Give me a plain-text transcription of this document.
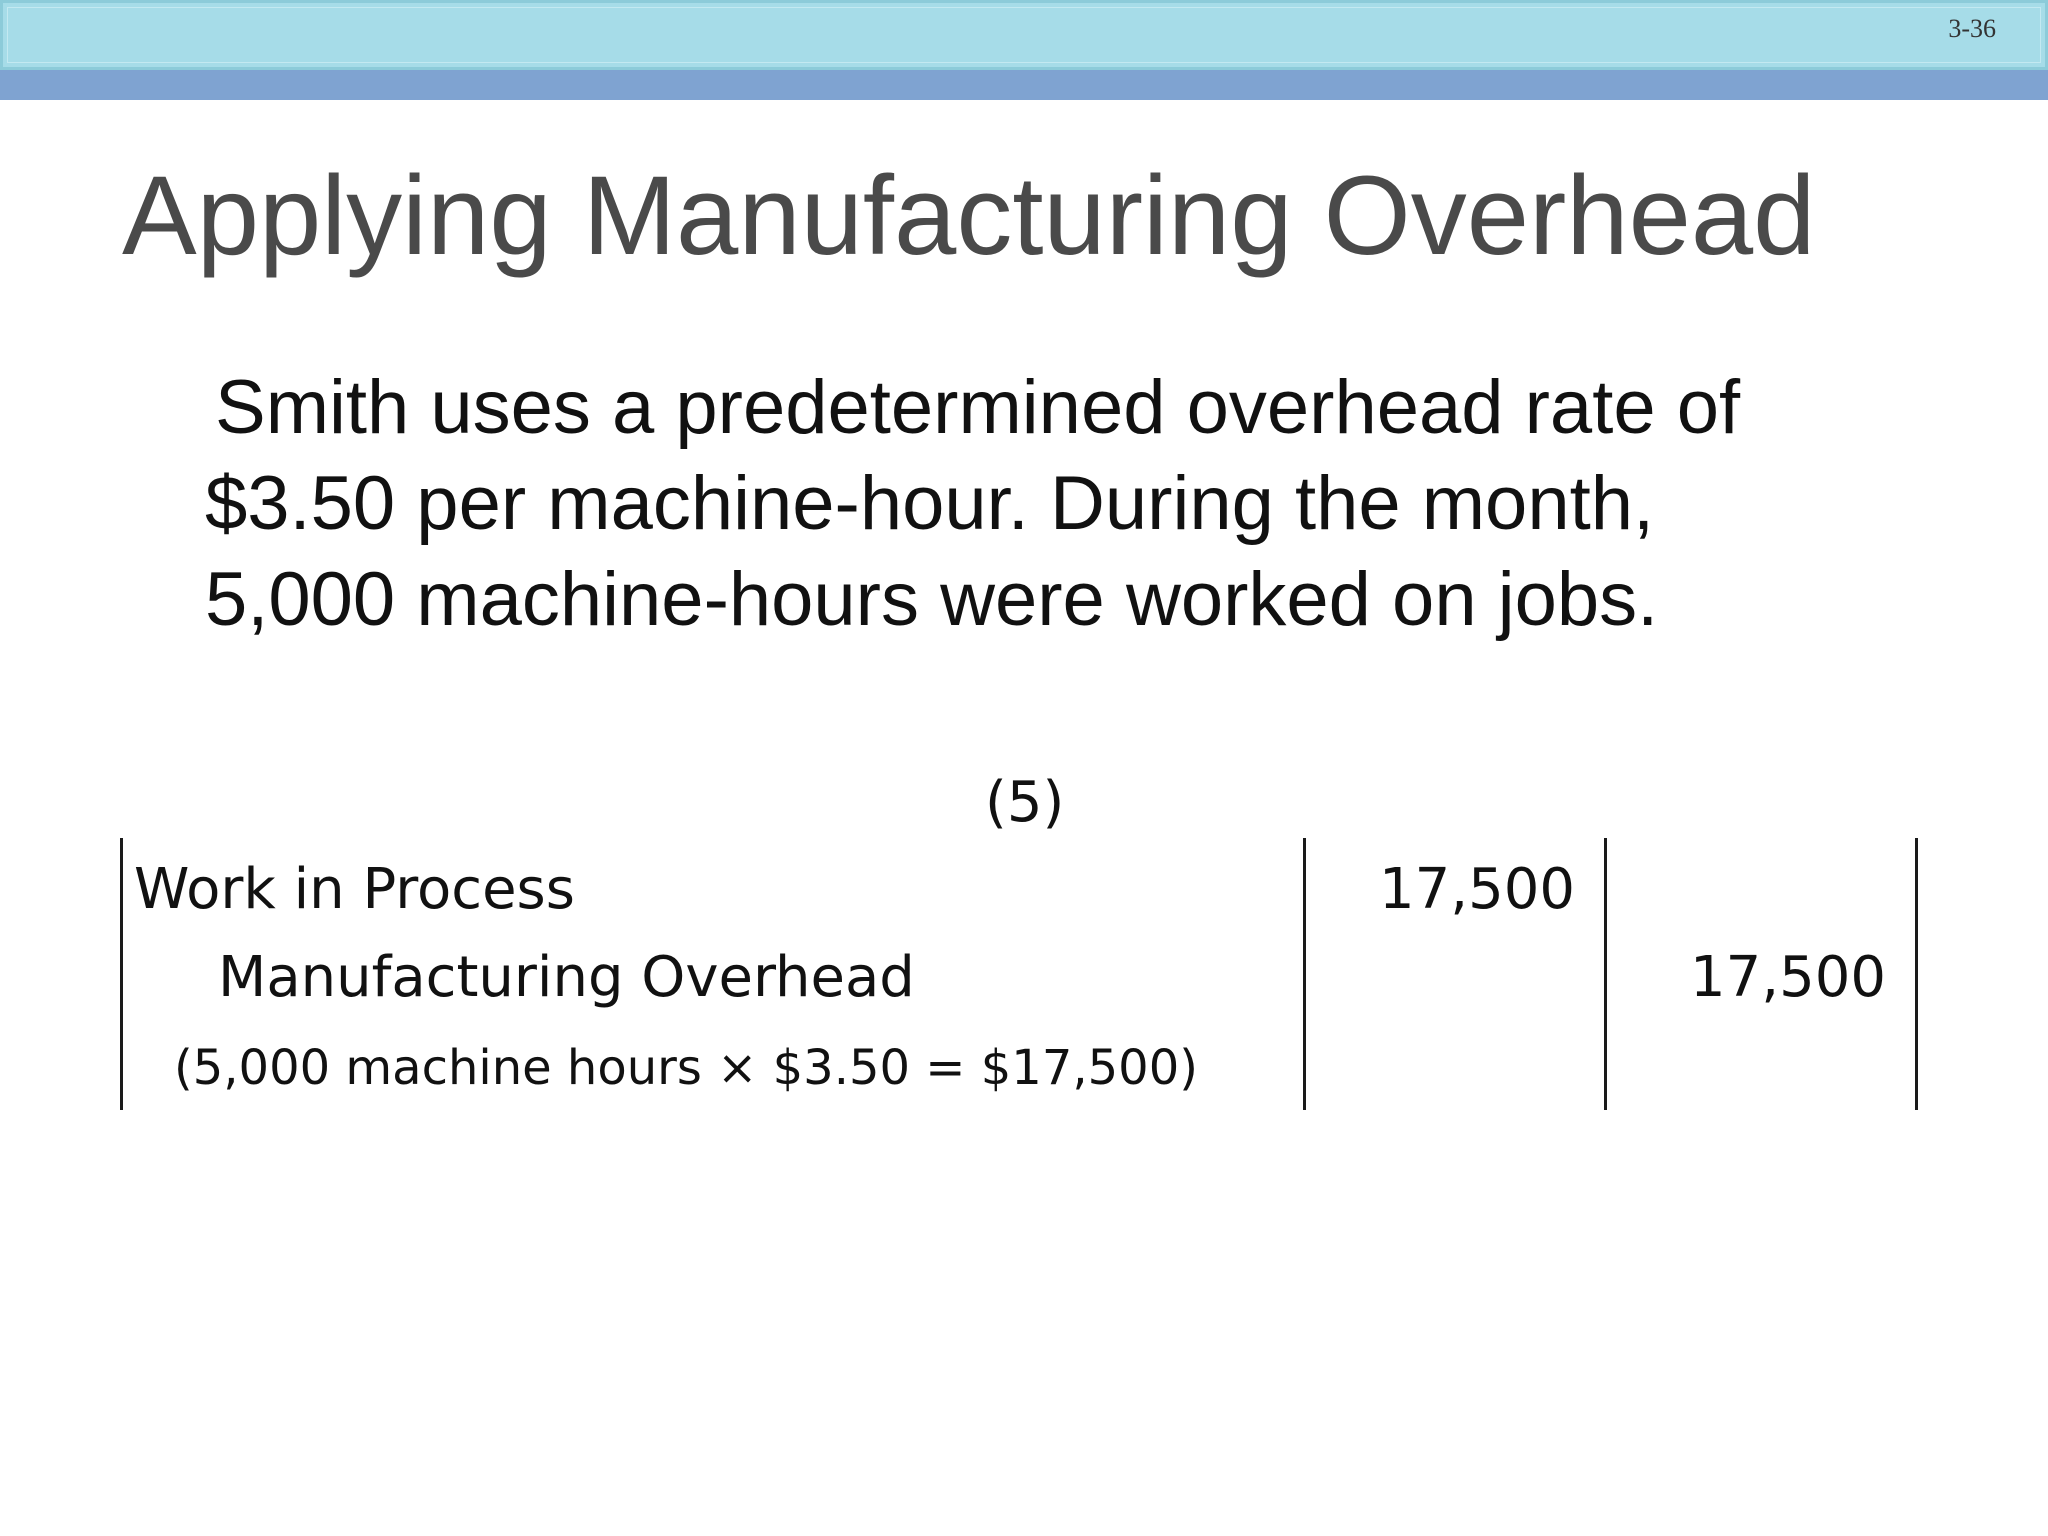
3-36
Applying Manufacturing Overhead
Smith uses a predetermined overhead rate of
$3.50 per machine-hour. During the month,
5,000 machine-hours were worked on jobs.
(5)
Work in Process	17,500
Manufacturing Overhead	17,500
(5,000 machine hours × $3.50 = $17,500)
